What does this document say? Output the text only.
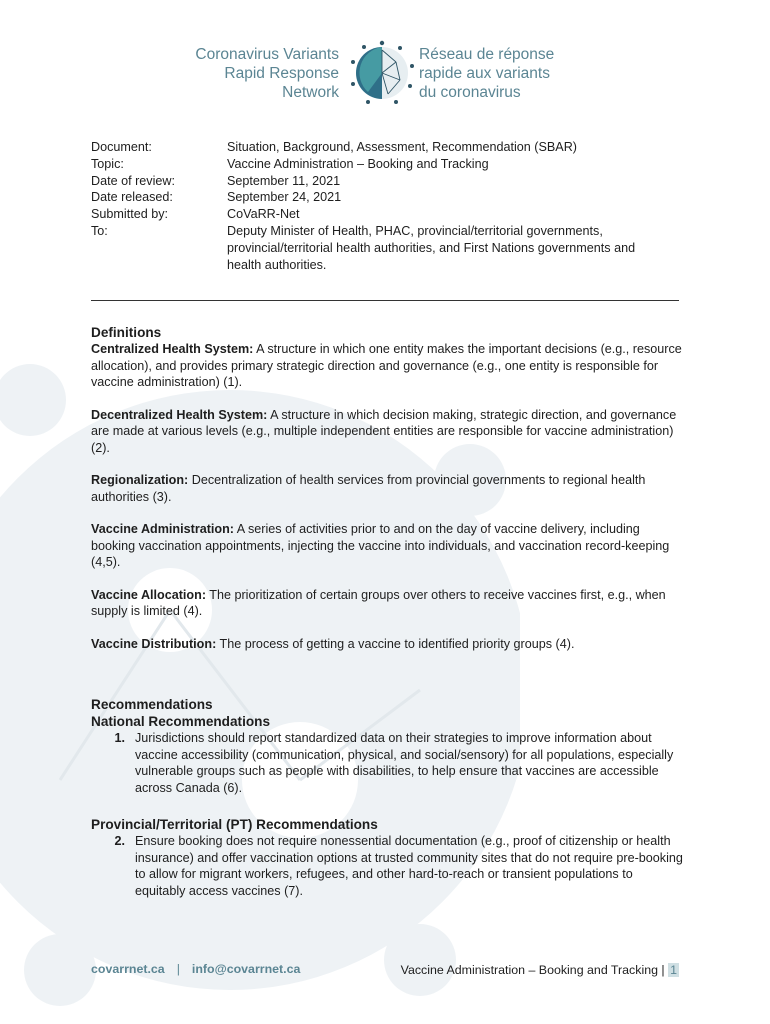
Coronavirus Variants
Rapid Response
Network
Réseau de réponse
rapide aux variants
du coronavirus
Document:	Situation, Background, Assessment, Recommendation (SBAR)
Topic:	Vaccine Administration – Booking and Tracking
Date of review:	September 11, 2021
Date released:	September 24, 2021
Submitted by:	CoVaRR-Net
To:	Deputy Minister of Health, PHAC, provincial/territorial governments, provincial/territorial health authorities, and First Nations governments and health authorities.
Definitions

Centralized Health System: A structure in which one entity makes the important decisions (e.g., resource allocation), and provides primary strategic direction and governance (e.g., one entity is responsible for vaccine administration) (1).

Decentralized Health System: A structure in which decision making, strategic direction, and governance are made at various levels (e.g., multiple independent entities are responsible for vaccine administration) (2).

Regionalization: Decentralization of health services from provincial governments to regional health authorities (3).

Vaccine Administration: A series of activities prior to and on the day of vaccine delivery, including booking vaccination appointments, injecting the vaccine into individuals, and vaccination record-keeping (4,5).

Vaccine Allocation: The prioritization of certain groups over others to receive vaccines first, e.g., when supply is limited (4).

Vaccine Distribution: The process of getting a vaccine to identified priority groups (4).

Recommendations
National Recommendations
1. Jurisdictions should report standardized data on their strategies to improve information about vaccine accessibility (communication, physical, and social/sensory) for all populations, especially vulnerable groups such as people with disabilities, to help ensure that vaccines are accessible across Canada (6).
Provincial/Territorial (PT) Recommendations
2. Ensure booking does not require nonessential documentation (e.g., proof of citizenship or health insurance) and offer vaccination options at trusted community sites that do not require pre-booking to allow for migrant workers, refugees, and other hard-to-reach or transient populations to equitably access vaccines (7).
covarrnet.ca | info@covarrnet.ca	Vaccine Administration – Booking and Tracking | 1
